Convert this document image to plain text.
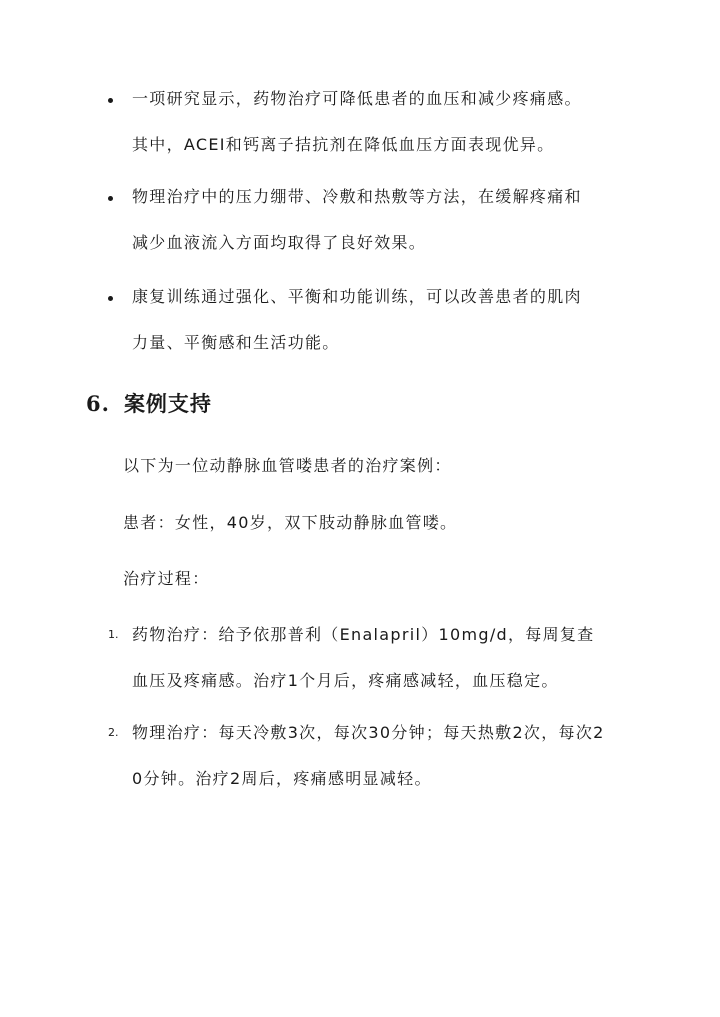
一项研究显示，药物治疗可降低患者的血压和减少疼痛感。
其中，ACEI和钙离子拮抗剂在降低血压方面表现优异。
物理治疗中的压力绷带、冷敷和热敷等方法，在缓解疼痛和
减少血液流入方面均取得了良好效果。
康复训练通过强化、平衡和功能训练，可以改善患者的肌肉
力量、平衡感和生活功能。
6. 案例支持
以下为一位动静脉血管喽患者的治疗案例：
患者：女性，40岁，双下肢动静脉血管喽。
治疗过程：
1. 药物治疗：给予依那普利（Enalapril）10mg/d，每周复查
血压及疼痛感。治疗1个月后，疼痛感减轻，血压稳定。
2. 物理治疗：每天冷敷3次，每次30分钟；每天热敷2次，每次2
0分钟。治疗2周后，疼痛感明显减轻。
